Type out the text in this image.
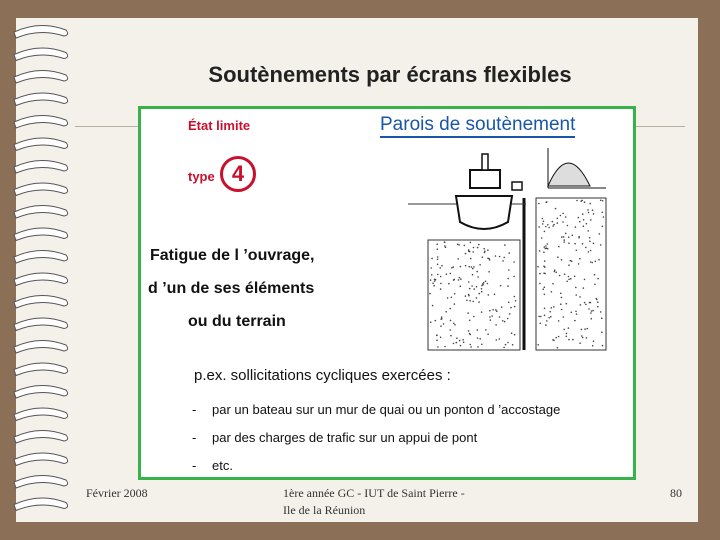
Soutènements par écrans flexibles
État limite
type 4
Parois de soutènement
Fatigue de l ’ouvrage,
d ’un de ses éléments
ou du terrain
p.ex. sollicitations cycliques exercées :
- par un bateau sur un mur de quai ou un ponton d ’accostage
- par des charges de trafic sur un appui de pont
- etc.
Février 2008	1ère année GC - IUT de Saint Pierre -
Ile de la Réunion
80
